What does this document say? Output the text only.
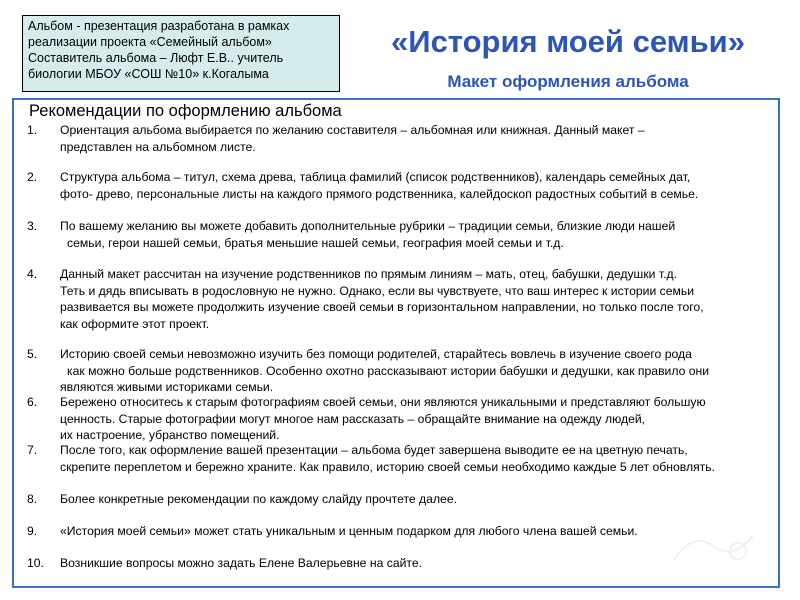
Альбом - презентация разработана в рамках
реализации проекта «Семейный альбом»
Составитель альбома – Люфт Е.В.. учитель
биологии МБОУ «СОШ №10» к.Когалыма
«История моей семьи»
Макет оформления альбома
Рекомендации по оформлению альбома
1. Ориентация альбома выбирается по желанию составителя – альбомная или книжная. Данный макет –
представлен на альбомном листе.
2. Структура альбома – титул, схема древа, таблица фамилий (список родственников), календарь семейных дат,
фото- древо, персональные листы на каждого прямого родственника, калейдоскоп радостных событий в семье.
3. По вашему желанию вы можете добавить дополнительные рубрики – традиции семьи, близкие люди нашей
семьи, герои нашей семьи, братья меньшие нашей семьи, география моей семьи и т.д.
4. Данный макет рассчитан на изучение родственников по прямым линиям – мать, отец, бабушки, дедушки т.д.
Теть и дядь вписывать в родословную не нужно. Однако, если вы чувствуете, что ваш интерес к истории семьи
развивается вы можете продолжить изучение своей семьи в горизонтальном направлении, но только после того,
как оформите этот проект.
5. Историю своей семьи невозможно изучить без помощи родителей, старайтесь вовлечь в изучение своего рода
как можно больше родственников. Особенно охотно рассказывают истории бабушки и дедушки, как правило они
являются живыми историками семьи.
6. Бережено относитесь к старым фотографиям своей семьи, они являются уникальными и представляют большую
ценность. Старые фотографии могут многое нам рассказать – обращайте внимание на одежду людей,
их настроение, убранство помещений.
7. После того, как оформление вашей презентации – альбома будет завершена выводите ее на цветную печать,
скрепите переплетом и бережно храните. Как правило, историю своей семьи необходимо каждые 5 лет обновлять.
8. Более конкретные рекомендации по каждому слайду прочтете далее.
9. «История моей семьи» может стать уникальным и ценным подарком для любого члена вашей семьи.
10. Возникшие вопросы можно задать Елене Валерьевне на сайте.
